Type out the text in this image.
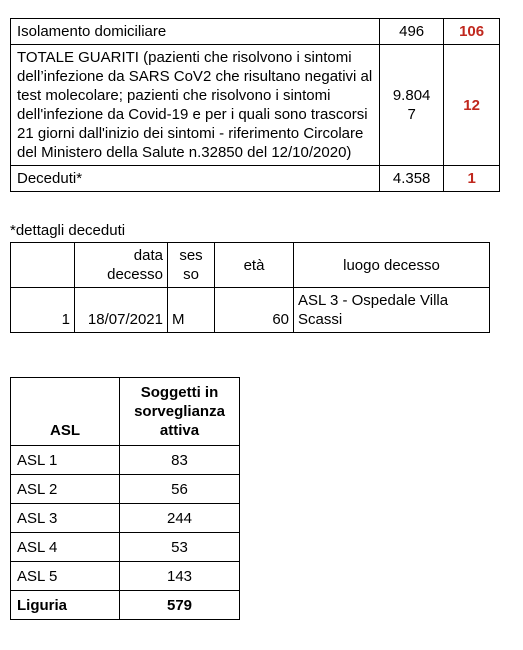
Isolamento domiciliare	496	106
TOTALE GUARITI (pazienti che risolvono i sintomi dell’infezione da SARS CoV2 che risultano negativi al test molecolare; pazienti che risolvono i sintomi dell'infezione da Covid-19 e per i quali sono trascorsi 21 giorni dall'inizio dei sintomi - riferimento Circolare del Ministero della Salute n.32850 del 12/10/2020)	9.8047	12
Deceduti*	4.358	1
*dettagli deceduti
	data decesso	sesso	età	luogo decesso
1	18/07/2021	M	60	ASL 3 - Ospedale Villa Scassi
ASL	Soggetti in sorveglianza attiva
ASL 1	83
ASL 2	56
ASL 3	244
ASL 4	53
ASL 5	143
Liguria	579
